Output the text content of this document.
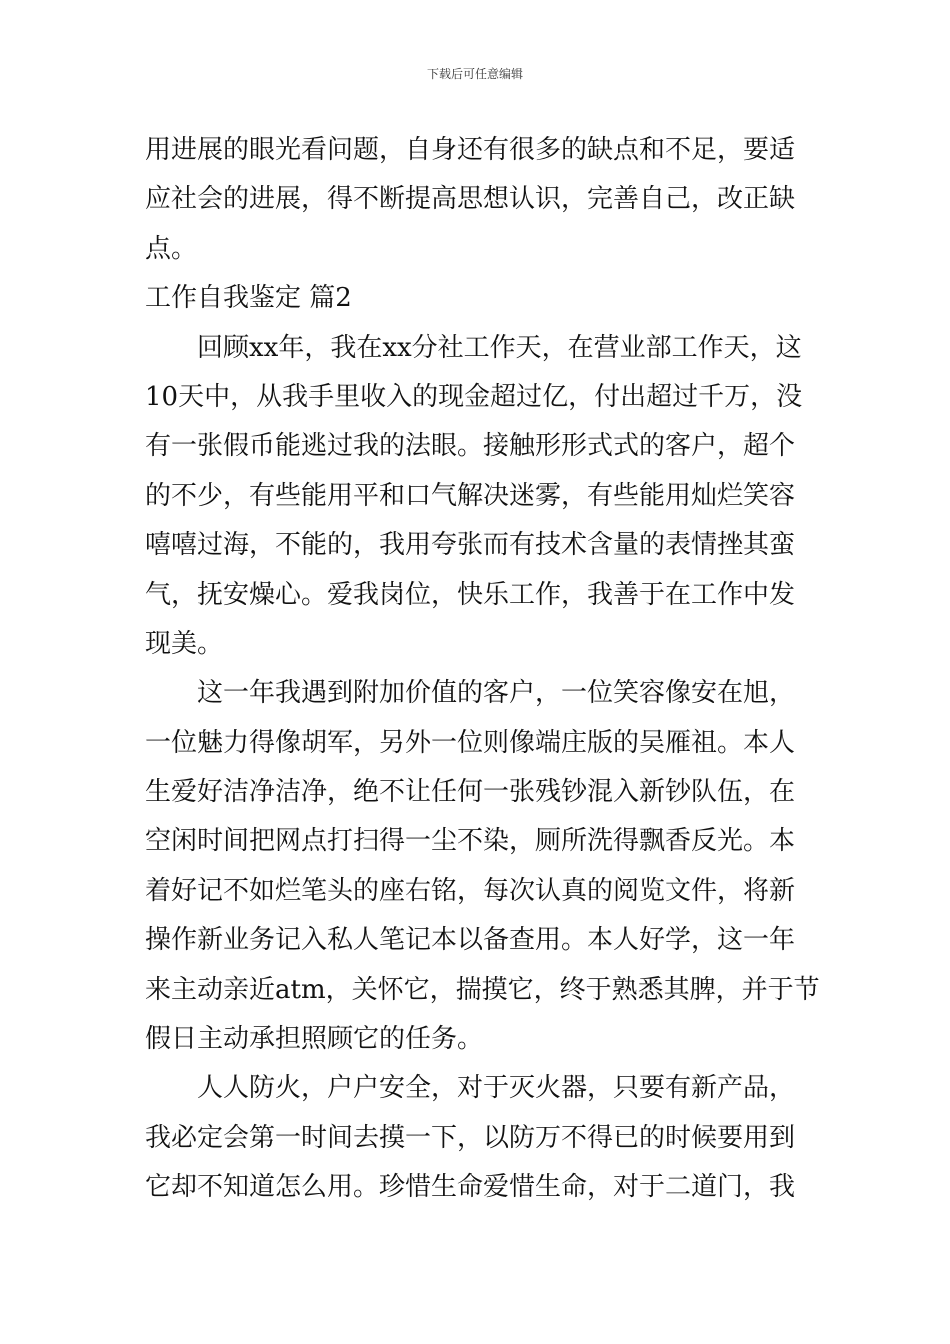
下载后可任意编辑
用进展的眼光看问题，自身还有很多的缺点和不足，要适
应社会的进展，得不断提高思想认识，完善自己，改正缺
点。
工作自我鉴定 篇2
回顾xx年，我在xx分社工作天，在营业部工作天，这
10天中，从我手里收入的现金超过亿，付出超过千万，没
有一张假币能逃过我的法眼。接触形形式式的客户，超个
的不少，有些能用平和口气解决迷雾，有些能用灿烂笑容
嘻嘻过海，不能的，我用夸张而有技术含量的表情挫其蛮
气，抚安燥心。爱我岗位，快乐工作，我善于在工作中发
现美。
这一年我遇到附加价值的客户，一位笑容像安在旭，
一位魅力得像胡军，另外一位则像端庄版的吴雁祖。本人
生爱好洁净洁净，绝不让任何一张残钞混入新钞队伍，在
空闲时间把网点打扫得一尘不染，厕所洗得飘香反光。本
着好记不如烂笔头的座右铭，每次认真的阅览文件，将新
操作新业务记入私人笔记本以备查用。本人好学，这一年
来主动亲近atm，关怀它，揣摸它，终于熟悉其脾，并于节
假日主动承担照顾它的任务。
人人防火，户户安全，对于灭火器，只要有新产品，
我必定会第一时间去摸一下，以防万不得已的时候要用到
它却不知道怎么用。珍惜生命爱惜生命，对于二道门，我
